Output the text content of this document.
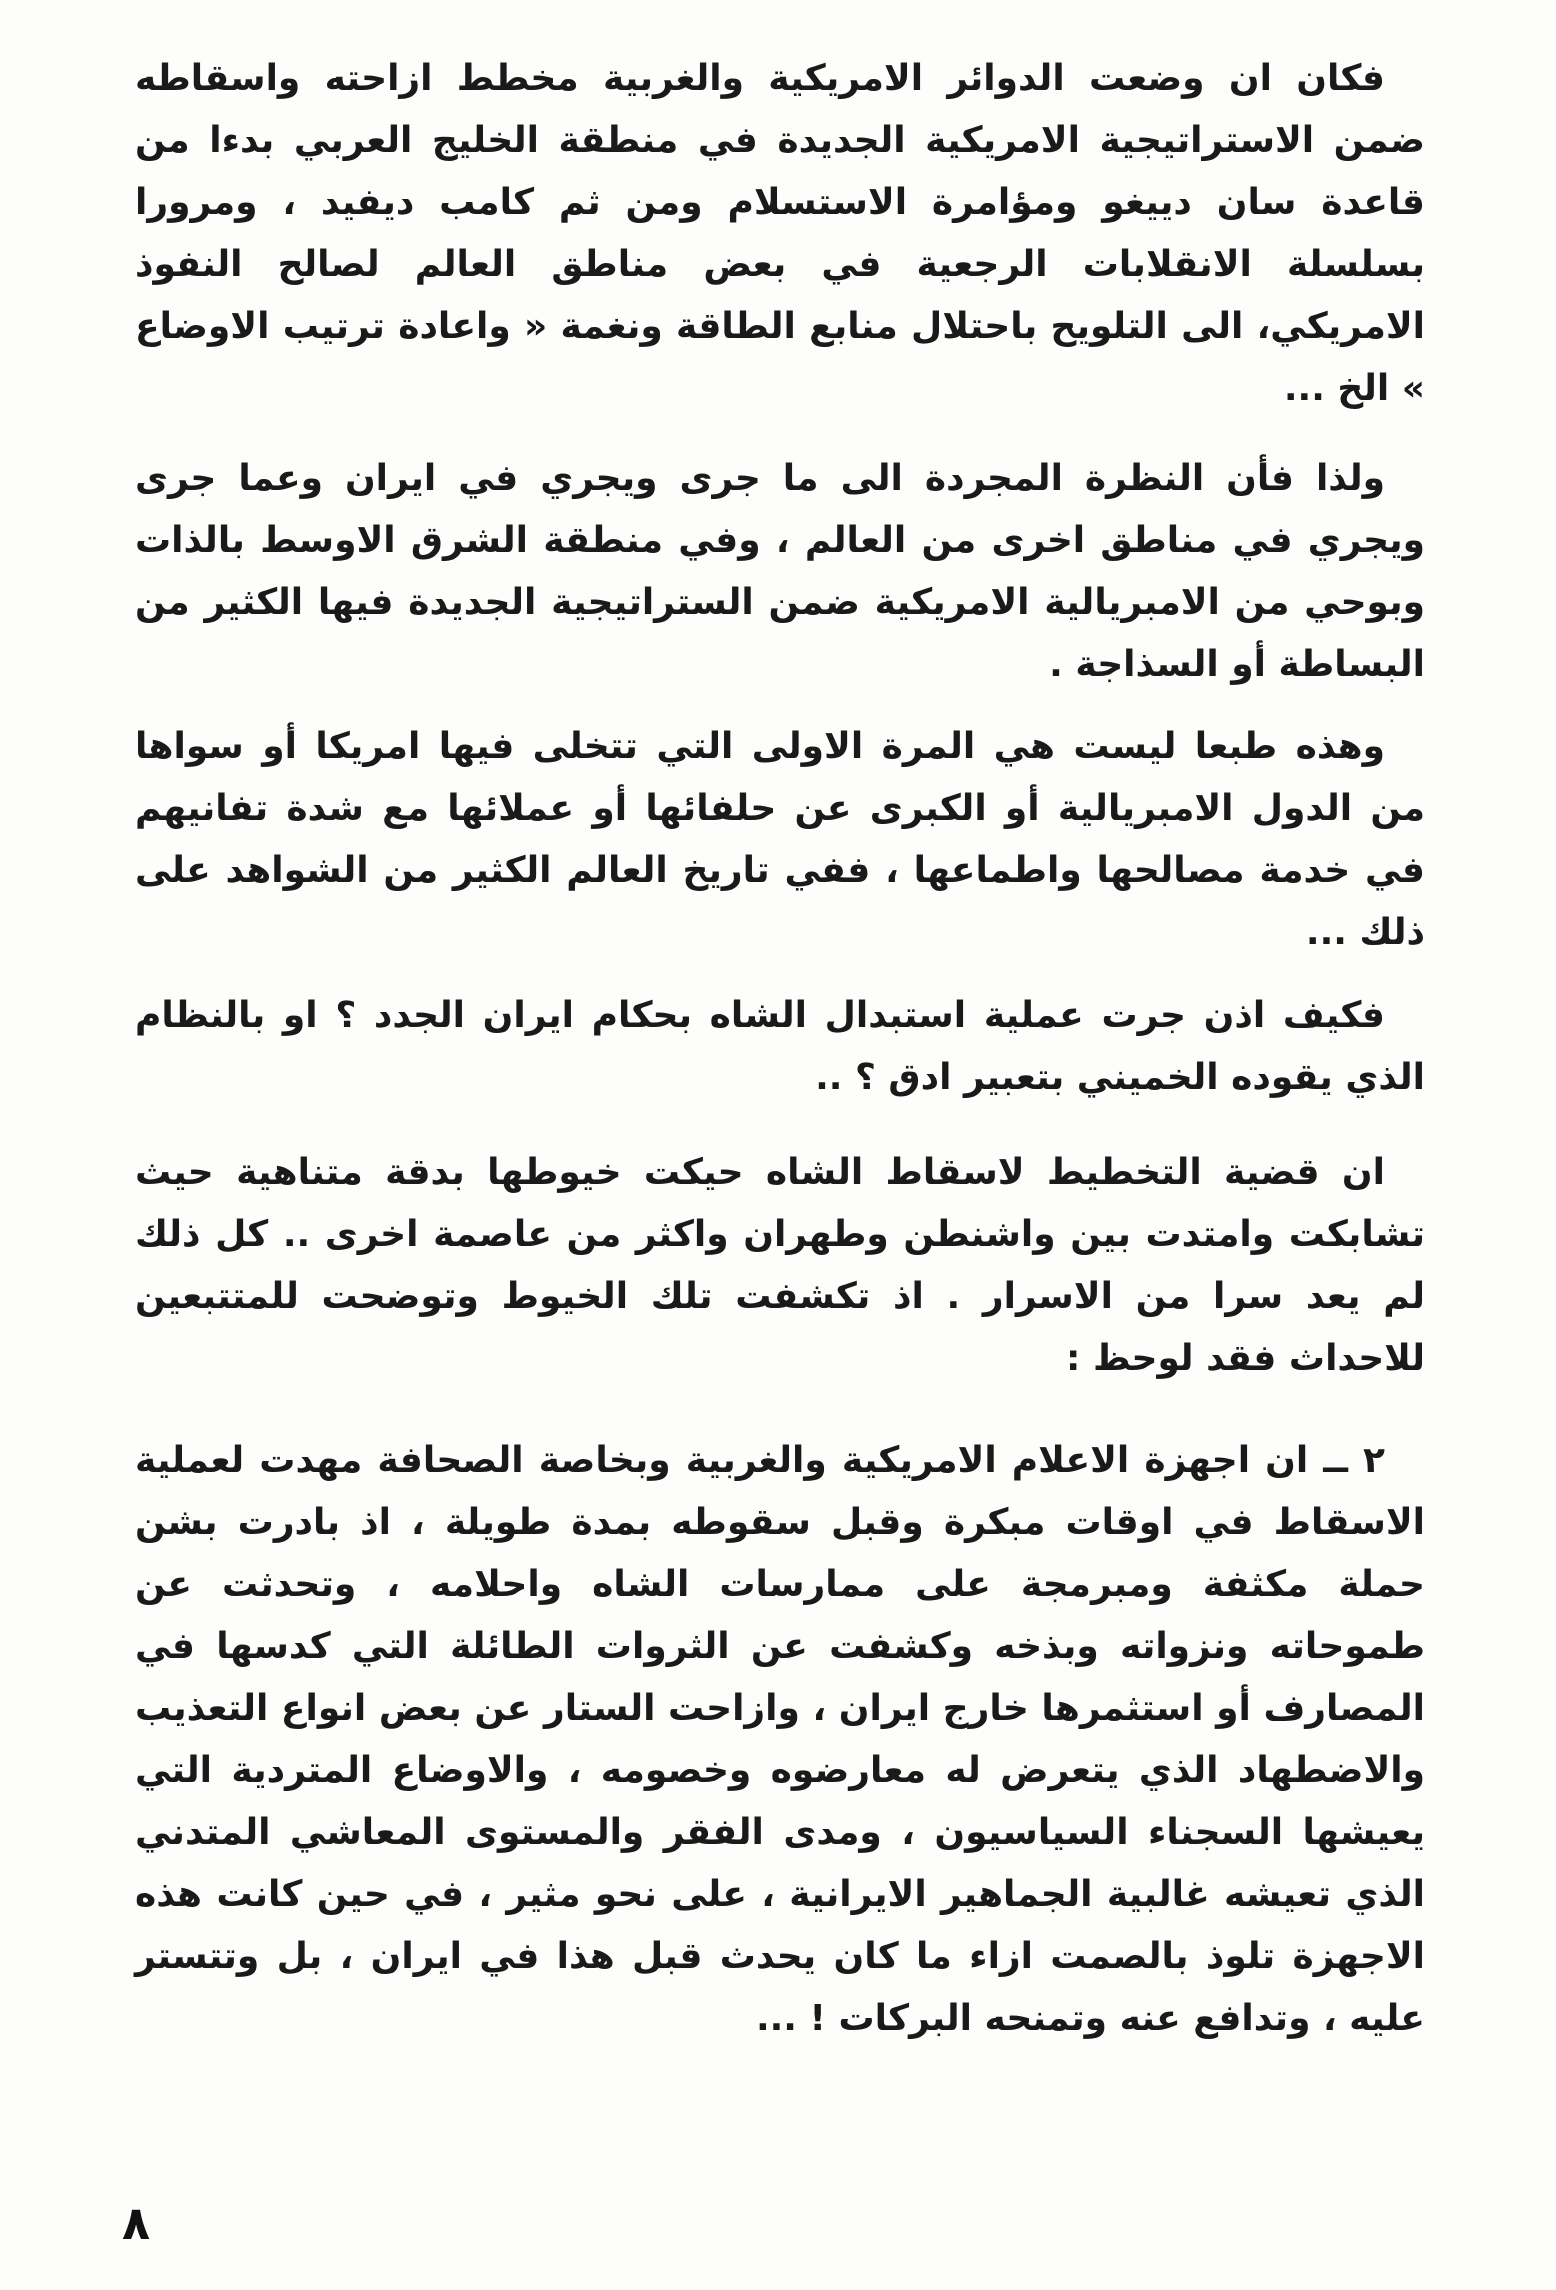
فكان ان وضعت الدوائر الامريكية والغربية مخطط ازاحته واسقاطه ضمن الاستراتيجية الامريكية الجديدة في منطقة الخليج العربي بدءا من قاعدة سان دييغو ومؤامرة الاستسلام ومن ثم كامب ديفيد ، ومرورا بسلسلة الانقلابات الرجعية في بعض مناطق العالم لصالح النفوذ الامريكي، الى التلويح باحتلال منابع الطاقة ونغمة « واعادة ترتيب الاوضاع » الخ ...

ولذا فأن النظرة المجردة الى ما جرى ويجري في ايران وعما جرى ويجري في مناطق اخرى من العالم ، وفي منطقة الشرق الاوسط بالذات وبوحي من الامبريالية الامريكية ضمن الستراتيجية الجديدة فيها الكثير من البساطة أو السذاجة .

وهذه طبعا ليست هي المرة الاولى التي تتخلى فيها امريكا أو سواها من الدول الامبريالية أو الكبرى عن حلفائها أو عملائها مع شدة تفانيهم في خدمة مصالحها واطماعها ، ففي تاريخ العالم الكثير من الشواهد على ذلك ...

فكيف اذن جرت عملية استبدال الشاه بحكام ايران الجدد ؟ او بالنظام الذي يقوده الخميني بتعبير ادق ؟ ..

ان قضية التخطيط لاسقاط الشاه حيكت خيوطها بدقة متناهية حيث تشابكت وامتدت بين واشنطن وطهران واكثر من عاصمة اخرى .. كل ذلك لم يعد سرا من الاسرار . اذ تكشفت تلك الخيوط وتوضحت للمتتبعين للاحداث فقد لوحظ :

٢ ــ ان اجهزة الاعلام الامريكية والغربية وبخاصة الصحافة مهدت لعملية الاسقاط في اوقات مبكرة وقبل سقوطه بمدة طويلة ، اذ بادرت بشن حملة مكثفة ومبرمجة على ممارسات الشاه واحلامه ، وتحدثت عن طموحاته ونزواته وبذخه وكشفت عن الثروات الطائلة التي كدسها في المصارف أو استثمرها خارج ايران ، وازاحت الستار عن بعض انواع التعذيب والاضطهاد الذي يتعرض له معارضوه وخصومه ، والاوضاع المتردية التي يعيشها السجناء السياسيون ، ومدى الفقر والمستوى المعاشي المتدني الذي تعيشه غالبية الجماهير الايرانية ، على نحو مثير ، في حين كانت هذه الاجهزة تلوذ بالصمت ازاء ما كان يحدث قبل هذا في ايران ، بل وتتستر عليه ، وتدافع عنه وتمنحه البركات ! ...

٨
